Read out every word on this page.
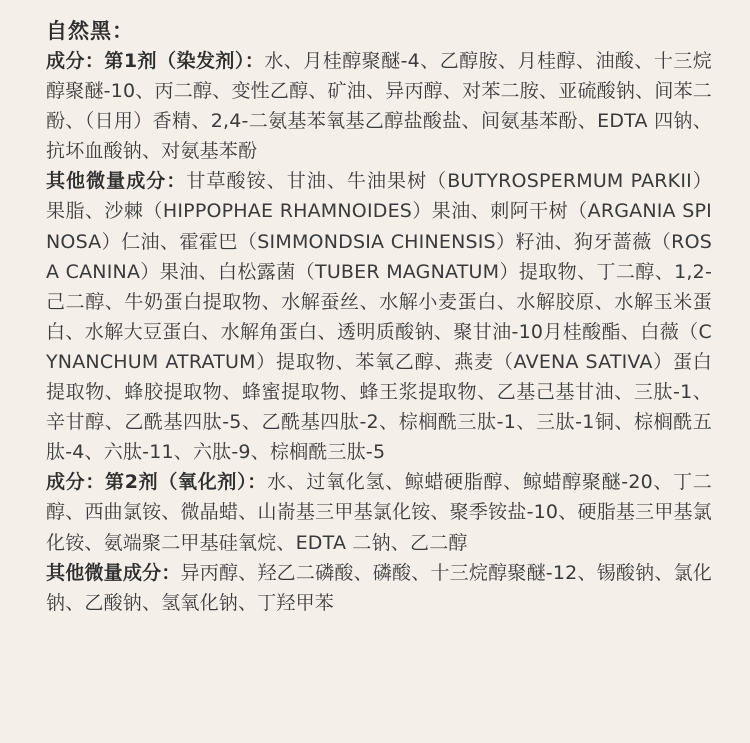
自然黑：

成分：第1剂（染发剂）：水、月桂醇聚醚-4、乙醇胺、月桂醇、油酸、十三烷醇聚醚-10、丙二醇、变性乙醇、矿油、异丙醇、对苯二胺、亚硫酸钠、间苯二酚、（日用）香精、2,4-二氨基苯氧基乙醇盐酸盐、间氨基苯酚、EDTA 四钠、抗坏血酸钠、对氨基苯酚

其他微量成分：甘草酸铵、甘油、牛油果树（BUTYROSPERMUM PARKII）果脂、沙棘（HIPPOPHAE RHAMNOIDES）果油、刺阿干树（ARGANIA SPINOSA）仁油、霍霍巴（SIMMONDSIA CHINENSIS）籽油、狗牙蔷薇（ROSA CANINA）果油、白松露菌（TUBER MAGNATUM）提取物、丁二醇、1,2-己二醇、牛奶蛋白提取物、水解蚕丝、水解小麦蛋白、水解胶原、水解玉米蛋白、水解大豆蛋白、水解角蛋白、透明质酸钠、聚甘油-10月桂酸酯、白薇（CYNANCHUM ATRATUM）提取物、苯氧乙醇、燕麦（AVENA SATIVA）蛋白提取物、蜂胶提取物、蜂蜜提取物、蜂王浆提取物、乙基己基甘油、三肽-1、辛甘醇、乙酰基四肽-5、乙酰基四肽-2、棕榈酰三肽-1、三肽-1铜、棕榈酰五肽-4、六肽-11、六肽-9、棕榈酰三肽-5

成分：第2剂（氧化剂）：水、过氧化氢、鲸蜡硬脂醇、鲸蜡醇聚醚-20、丁二醇、西曲氯铵、微晶蜡、山嵛基三甲基氯化铵、聚季铵盐-10、硬脂基三甲基氯化铵、氨端聚二甲基硅氧烷、EDTA 二钠、乙二醇

其他微量成分：异丙醇、羟乙二磷酸、磷酸、十三烷醇聚醚-12、锡酸钠、氯化钠、乙酸钠、氢氧化钠、丁羟甲苯
